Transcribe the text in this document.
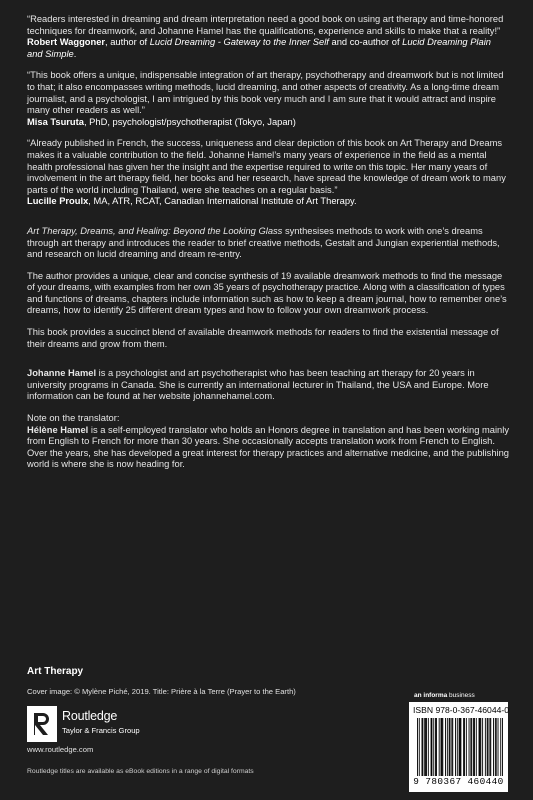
“Readers interested in dreaming and dream interpretation need a good book on using art therapy and time-honored techniques for dreamwork, and Johanne Hamel has the qualifications, experience and skills to make that a reality!”

Robert Waggoner, author of Lucid Dreaming - Gateway to the Inner Self and co-author of Lucid Dreaming Plain and Simple.

“This book offers a unique, indispensable integration of art therapy, psychotherapy and dreamwork but is not limited to that; it also encompasses writing methods, lucid dreaming, and other aspects of creativity. As a long-time dream journalist, and a psychologist, I am intrigued by this book very much and I am sure that it would attract and inspire many other readers as well.”

Misa Tsuruta, PhD, psychologist/psychotherapist (Tokyo, Japan)

“Already published in French, the success, uniqueness and clear depiction of this book on Art Therapy and Dreams makes it a valuable contribution to the field. Johanne Hamel’s many years of experience in the field as a mental health professional has given her the insight and the expertise required to write on this topic. Her many years of involvement in the art therapy field, her books and her research, have spread the knowledge of dream work to many parts of the world including Thailand, were she teaches on a regular basis.”

Lucille Proulx, MA, ATR, RCAT, Canadian International Institute of Art Therapy.

Art Therapy, Dreams, and Healing: Beyond the Looking Glass synthesises methods to work with one’s dreams through art therapy and introduces the reader to brief creative methods, Gestalt and Jungian experiential methods, and research on lucid dreaming and dream re-entry.

The author provides a unique, clear and concise synthesis of 19 available dreamwork methods to find the message of your dreams, with examples from her own 35 years of psychotherapy practice. Along with a classification of types and functions of dreams, chapters include information such as how to keep a dream journal, how to remember one’s dreams, how to identify 25 different dream types and how to follow your own dreamwork process.

This book provides a succinct blend of available dreamwork methods for readers to find the existential message of their dreams and grow from them.

Johanne Hamel is a psychologist and art psychotherapist who has been teaching art therapy for 20 years in university programs in Canada. She is currently an international lecturer in Thailand, the USA and Europe. More information can be found at her website johannehamel.com.

Note on the translator:

Hélène Hamel is a self-employed translator who holds an Honors degree in translation and has been working mainly from English to French for more than 30 years. She occasionally accepts translation work from French to English. Over the years, she has developed a great interest for therapy practices and alternative medicine, and the publishing world is where she is now heading for.

Art Therapy
Cover image: © Mylène Piché, 2019. Title: Prière à la Terre (Prayer to the Earth)
Routledge
Taylor & Francis Group
www.routledge.com
Routledge titles are available as eBook editions in a range of digital formats
an informa business
ISBN 978-0-367-46044-0
9 780367 460440
